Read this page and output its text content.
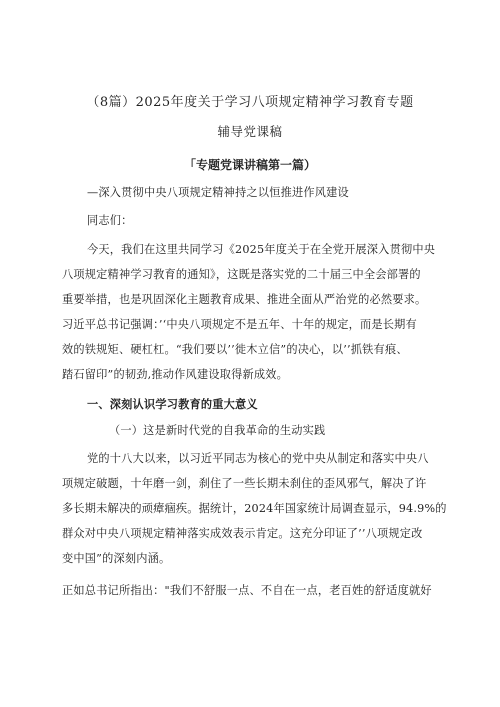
（8篇）2025年度关于学习八项规定精神学习教育专题
辅导党课稿
「专题党课讲稿第一篇）
—深入贯彻中央八项规定精神持之以恒推进作风建设
同志们：
今天，我们在这里共同学习《2025年度关于在全党开展深入贯彻中央
八项规定精神学习教育的通知》，这既是落实党的二十届三中全会部署的
重要举措，也是巩固深化主题教育成果、推进全面从严治党的必然要求。
习近平总书记强调：’‘中央八项规定不是五年、十年的规定，而是长期有
效的铁规矩、硬杠杠。“我们要以’’徙木立信”的决心，以’’抓铁有痕、
踏石留印”的韧劲,推动作风建设取得新成效。
一、深刻认识学习教育的重大意义
（一）这是新时代党的自我革命的生动实践
党的十八大以来，以习近平同志为核心的党中央从制定和落实中央八
项规定破题，十年磨一剑，刹住了一些长期未刹住的歪风邪气，解决了许
多长期未解决的顽瘴痼疾。据统计，2024年国家统计局调查显示，94.9%的
群众对中央八项规定精神落实成效表示肯定。这充分印证了’’八项规定改
变中国”的深刻内涵。
正如总书记所指出："我们不舒服一点、不自在一点，老百姓的舒适度就好
